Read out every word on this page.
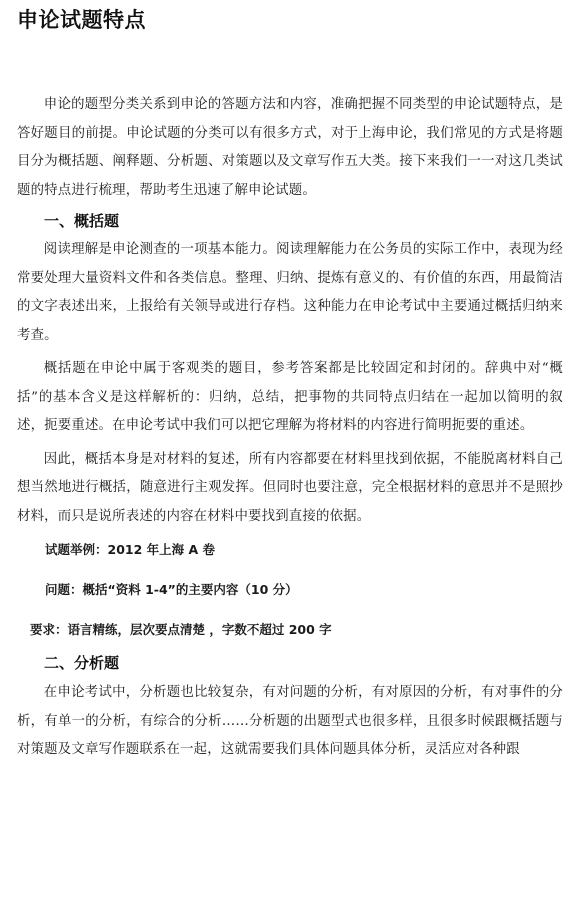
申论试题特点

申论的题型分类关系到申论的答题方法和内容，准确把握不同类型的申论试题特点，是答好题目的前提。申论试题的分类可以有很多方式，对于上海申论，我们常见的方式是将题目分为概括题、阐释题、分析题、对策题以及文章写作五大类。接下来我们一一对这几类试题的特点进行梳理，帮助考生迅速了解申论试题。

一、概括题

阅读理解是申论测查的一项基本能力。阅读理解能力在公务员的实际工作中，表现为经常要处理大量资料文件和各类信息。整理、归纳、提炼有意义的、有价值的东西，用最简洁的文字表述出来，上报给有关领导或进行存档。这种能力在申论考试中主要通过概括归纳来考查。

概括题在申论中属于客观类的题目，参考答案都是比较固定和封闭的。辞典中对“概括”的基本含义是这样解析的：归纳，总结，把事物的共同特点归结在一起加以简明的叙述，扼要重述。在申论考试中我们可以把它理解为将材料的内容进行简明扼要的重述。

因此，概括本身是对材料的复述，所有内容都要在材料里找到依据，不能脱离材料自己想当然地进行概括，随意进行主观发挥。但同时也要注意，完全根据材料的意思并不是照抄材料，而只是说所表述的内容在材料中要找到直接的依据。

试题举例：2012 年上海 A 卷

问题：概括“资料 1-4”的主要内容（10 分）

要求：语言精练，层次要点清楚 ，字数不超过 200 字

二、分析题

在申论考试中，分析题也比较复杂，有对问题的分析，有对原因的分析，有对事件的分析，有单一的分析，有综合的分析……分析题的出题型式也很多样，且很多时候跟概括题与对策题及文章写作题联系在一起，这就需要我们具体问题具体分析，灵活应对各种跟
